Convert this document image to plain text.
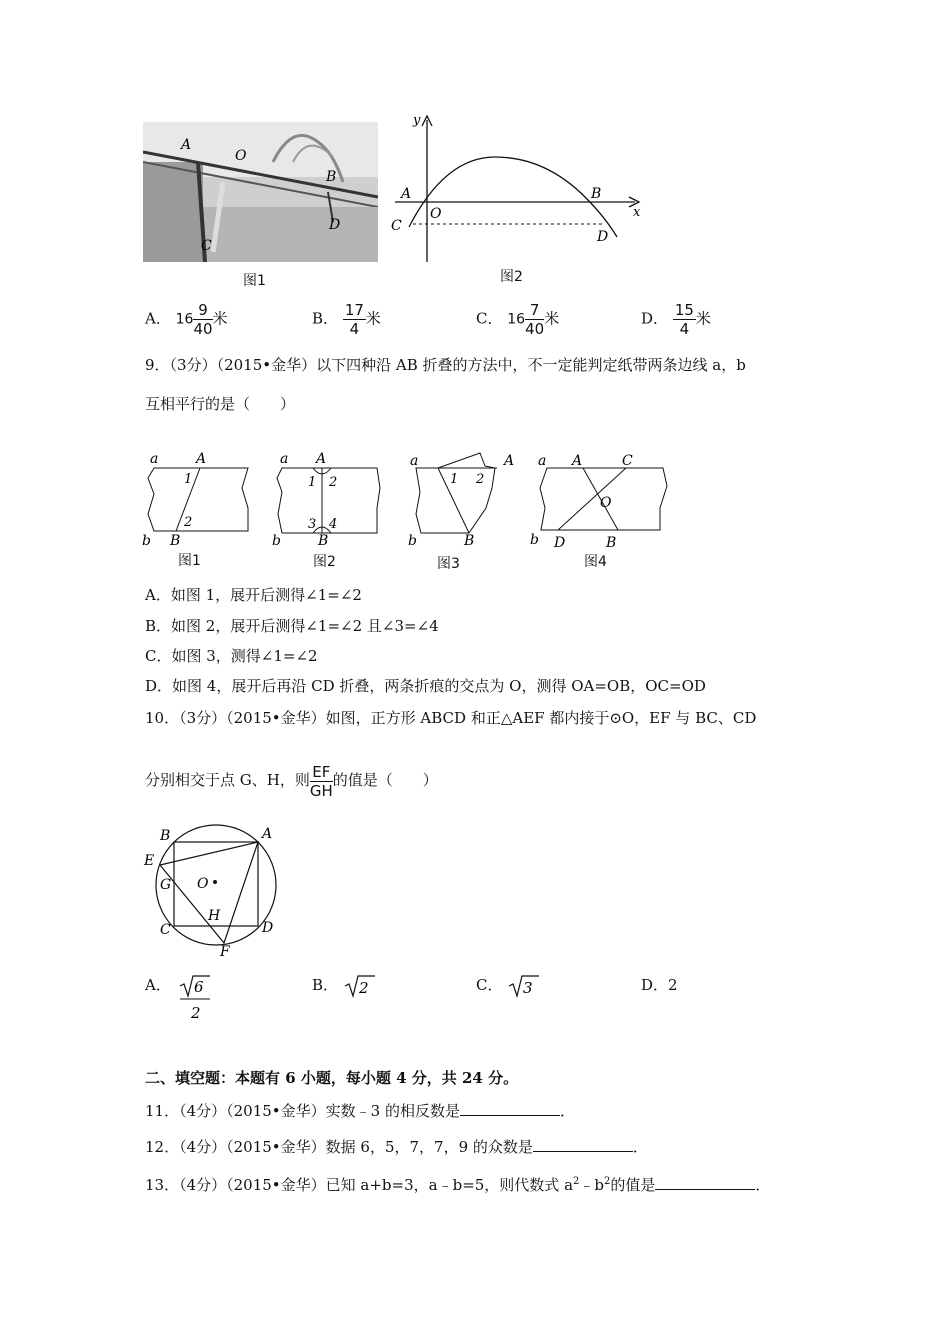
A
O
B
C
D
图1
y
x
A
O
B
C
D
图2
A． $16 \frac{9}{40}$ 米	B． $\frac{17}{4}$ 米	C． $16 \frac{7}{40}$ 米	D． $\frac{15}{4}$ 米
9．（3分）（2015•金华）以下四种沿 AB 折叠的方法中，不一定能判定纸带两条边线 a，b
互相平行的是（　　）
a	A
1
2
b B
a A
1 2
3 4
b	B
a	A
1 2
b	B
a A	C
O
b D	B
图1	图2	图3	图4
A．如图 1，展开后测得∠1=∠2
B．如图 2，展开后测得∠1=∠2 且∠3=∠4
C．如图 3，测得∠1=∠2
D．如图 4，展开后再沿 CD 折叠，两条折痕的交点为 O，测得 OA=OB，OC=OD
10．（3分）（2015•金华）如图，正方形 ABCD 和正△AEF 都内接于⊙O，EF 与 BC、CD
分别相交于点 G、H，则 $\frac{EF}{GH}$ 的值是（　　）
B	A
E
G O
H
C	D
F
A． 6
2
B． 2	C． 3	D．2
二、填空题：本题有 6 小题，每小题 4 分，共 24 分。
11．（4分）（2015•金华）实数﹣3 的相反数是	．
12．（4分）（2015•金华）数据 6，5，7，7，9 的众数是	．
13．（4分）（2015•金华）已知 a+b=3，a﹣b=5，则代数式 $a^2﹣b^2$的值是	．
